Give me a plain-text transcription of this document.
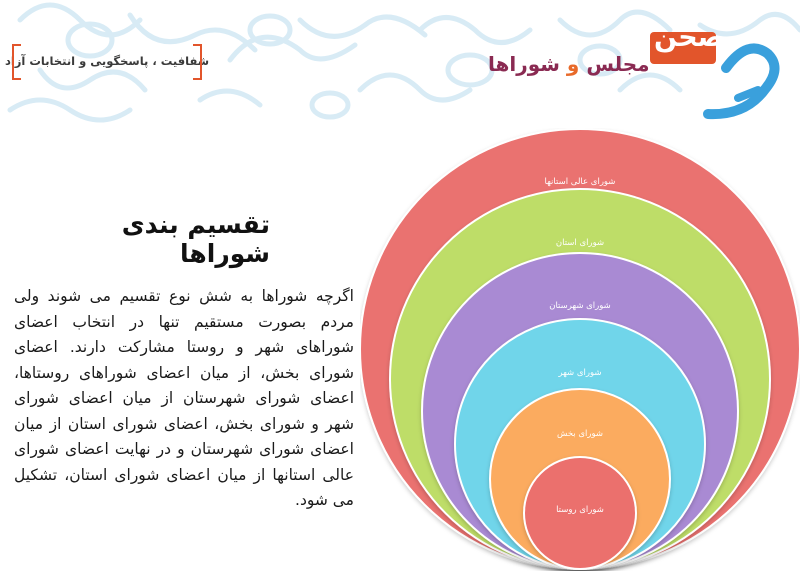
شفافیت ، پاسخگویی و انتخابات آزاد
صحن
مجلس و شوراها
تقسیم بندی شوراها
اگرچه شوراها به شش نوع تقسیم می شوند ولی مردم بصورت مستقیم تنها در انتخاب اعضای شوراهای شهر و روستا مشارکت دارند. اعضای شورای بخش، از میان اعضای شوراهای روستاها، اعضای شورای شهرستان از میان اعضای شورای شهر و شورای بخش، اعضای شورای استان از میان اعضای شورای شهرستان و در نهایت اعضای شورای عالی استانها از میان اعضای شورای استان، تشکیل می شود.
شورای عالی استانها
شورای استان
شورای شهرستان
شورای شهر
شورای بخش
شورای روستا
